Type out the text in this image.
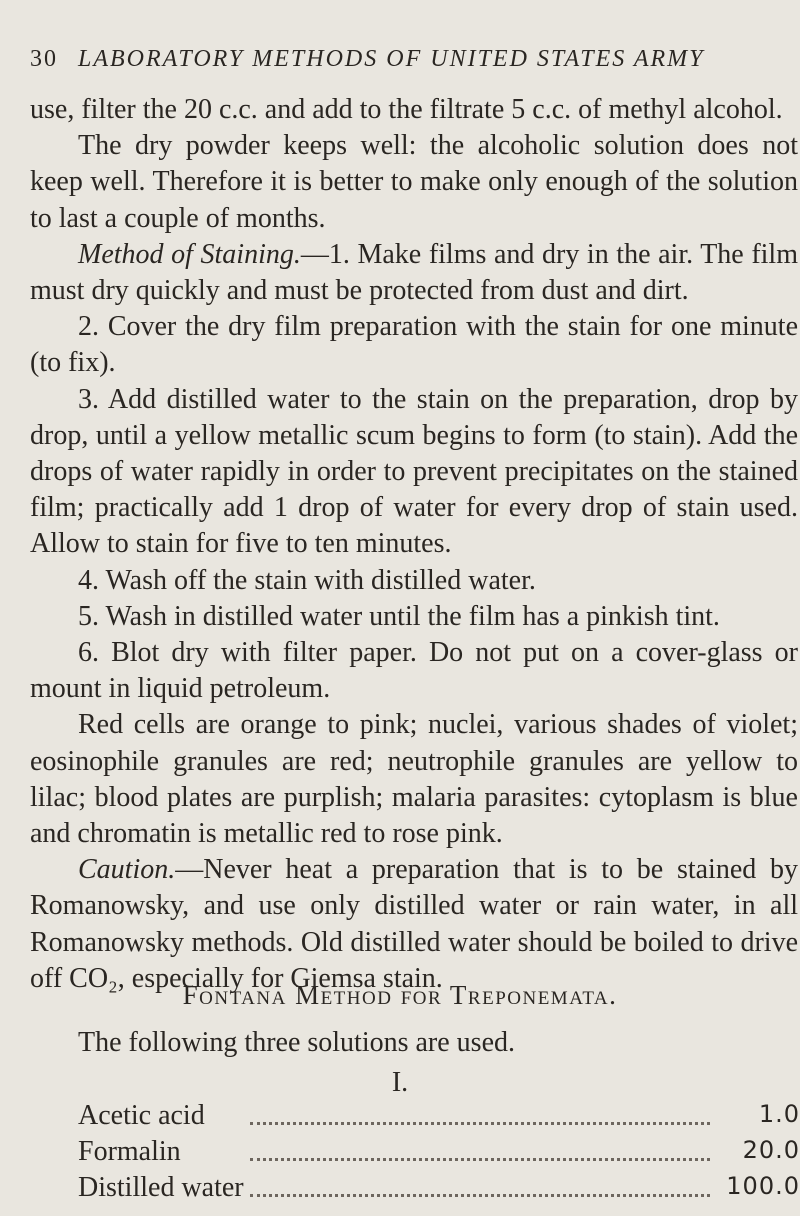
30 LABORATORY METHODS OF UNITED STATES ARMY

use, filter the 20 c.c. and add to the filtrate 5 c.c. of methyl alcohol.

The dry powder keeps well: the alcoholic solution does not keep well. Therefore it is better to make only enough of the solution to last a couple of months.

Method of Staining.—1. Make films and dry in the air. The film must dry quickly and must be protected from dust and dirt.

2. Cover the dry film preparation with the stain for one minute (to fix).

3. Add distilled water to the stain on the preparation, drop by drop, until a yellow metallic scum begins to form (to stain). Add the drops of water rapidly in order to prevent precipitates on the stained film; practically add 1 drop of water for every drop of stain used. Allow to stain for five to ten minutes.

4. Wash off the stain with distilled water.

5. Wash in distilled water until the film has a pinkish tint.

6. Blot dry with filter paper. Do not put on a cover-glass or mount in liquid petroleum.

Red cells are orange to pink; nuclei, various shades of violet; eosinophile granules are red; neutrophile granules are yellow to lilac; blood plates are purplish; malaria parasites: cytoplasm is blue and chromatin is metallic red to rose pink.

Caution.—Never heat a preparation that is to be stained by Romanowsky, and use only distilled water or rain water, in all Romanowsky methods. Old distilled water should be boiled to drive off CO₂, especially for Giemsa stain.

Fontana Method for Treponemata.
The following three solutions are used.
I.
Acetic acid	1.0
Formalin	20.0
Distilled water	100.0
